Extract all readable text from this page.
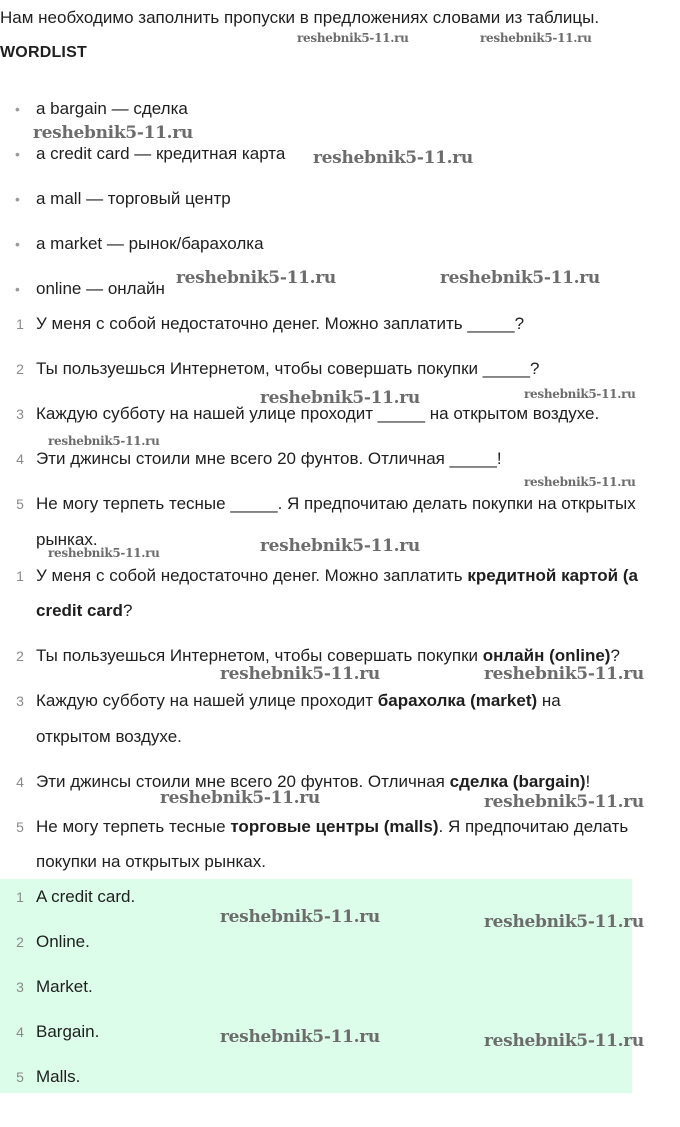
Нам необходимо заполнить пропуски в предложениях словами из таблицы.
WORDLIST
• a bargain — сделка
• a credit card — кредитная карта
• a mall — торговый центр
• a market — рынок/барахолка
• online — онлайн
1 У меня с собой недостаточно денег. Можно заплатить _____?
2 Ты пользуешься Интернетом, чтобы совершать покупки _____?
3 Каждую субботу на нашей улице проходит _____ на открытом воздухе.
4 Эти джинсы стоили мне всего 20 фунтов. Отличная _____!
5 Не могу терпеть тесные _____. Я предпочитаю делать покупки на открытых
рынках.
1 У меня с собой недостаточно денег. Можно заплатить кредитной картой (a
credit card?
2 Ты пользуешься Интернетом, чтобы совершать покупки онлайн (online)?
3 Каждую субботу на нашей улице проходит барахолка (market) на
открытом воздухе.
4 Эти джинсы стоили мне всего 20 фунтов. Отличная сделка (bargain)!
5 Не могу терпеть тесные торговые центры (malls). Я предпочитаю делать
покупки на открытых рынках.
1 A credit card.
2 Online.
3 Market.
4 Bargain.
5 Malls.
reshebnik5-11.ru	reshebnik5-11.ru
reshebnik5-11.ru
reshebnik5-11.ru
reshebnik5-11.ru	reshebnik5-11.ru
reshebnik5-11.ru	reshebnik5-11.ru
reshebnik5-11.ru
reshebnik5-11.ru
reshebnik5-11.ru
reshebnik5-11.ru
reshebnik5-11.ru	reshebnik5-11.ru
reshebnik5-11.ru	reshebnik5-11.ru
reshebnik5-11.ru	reshebnik5-11.ru
reshebnik5-11.ru	reshebnik5-11.ru
